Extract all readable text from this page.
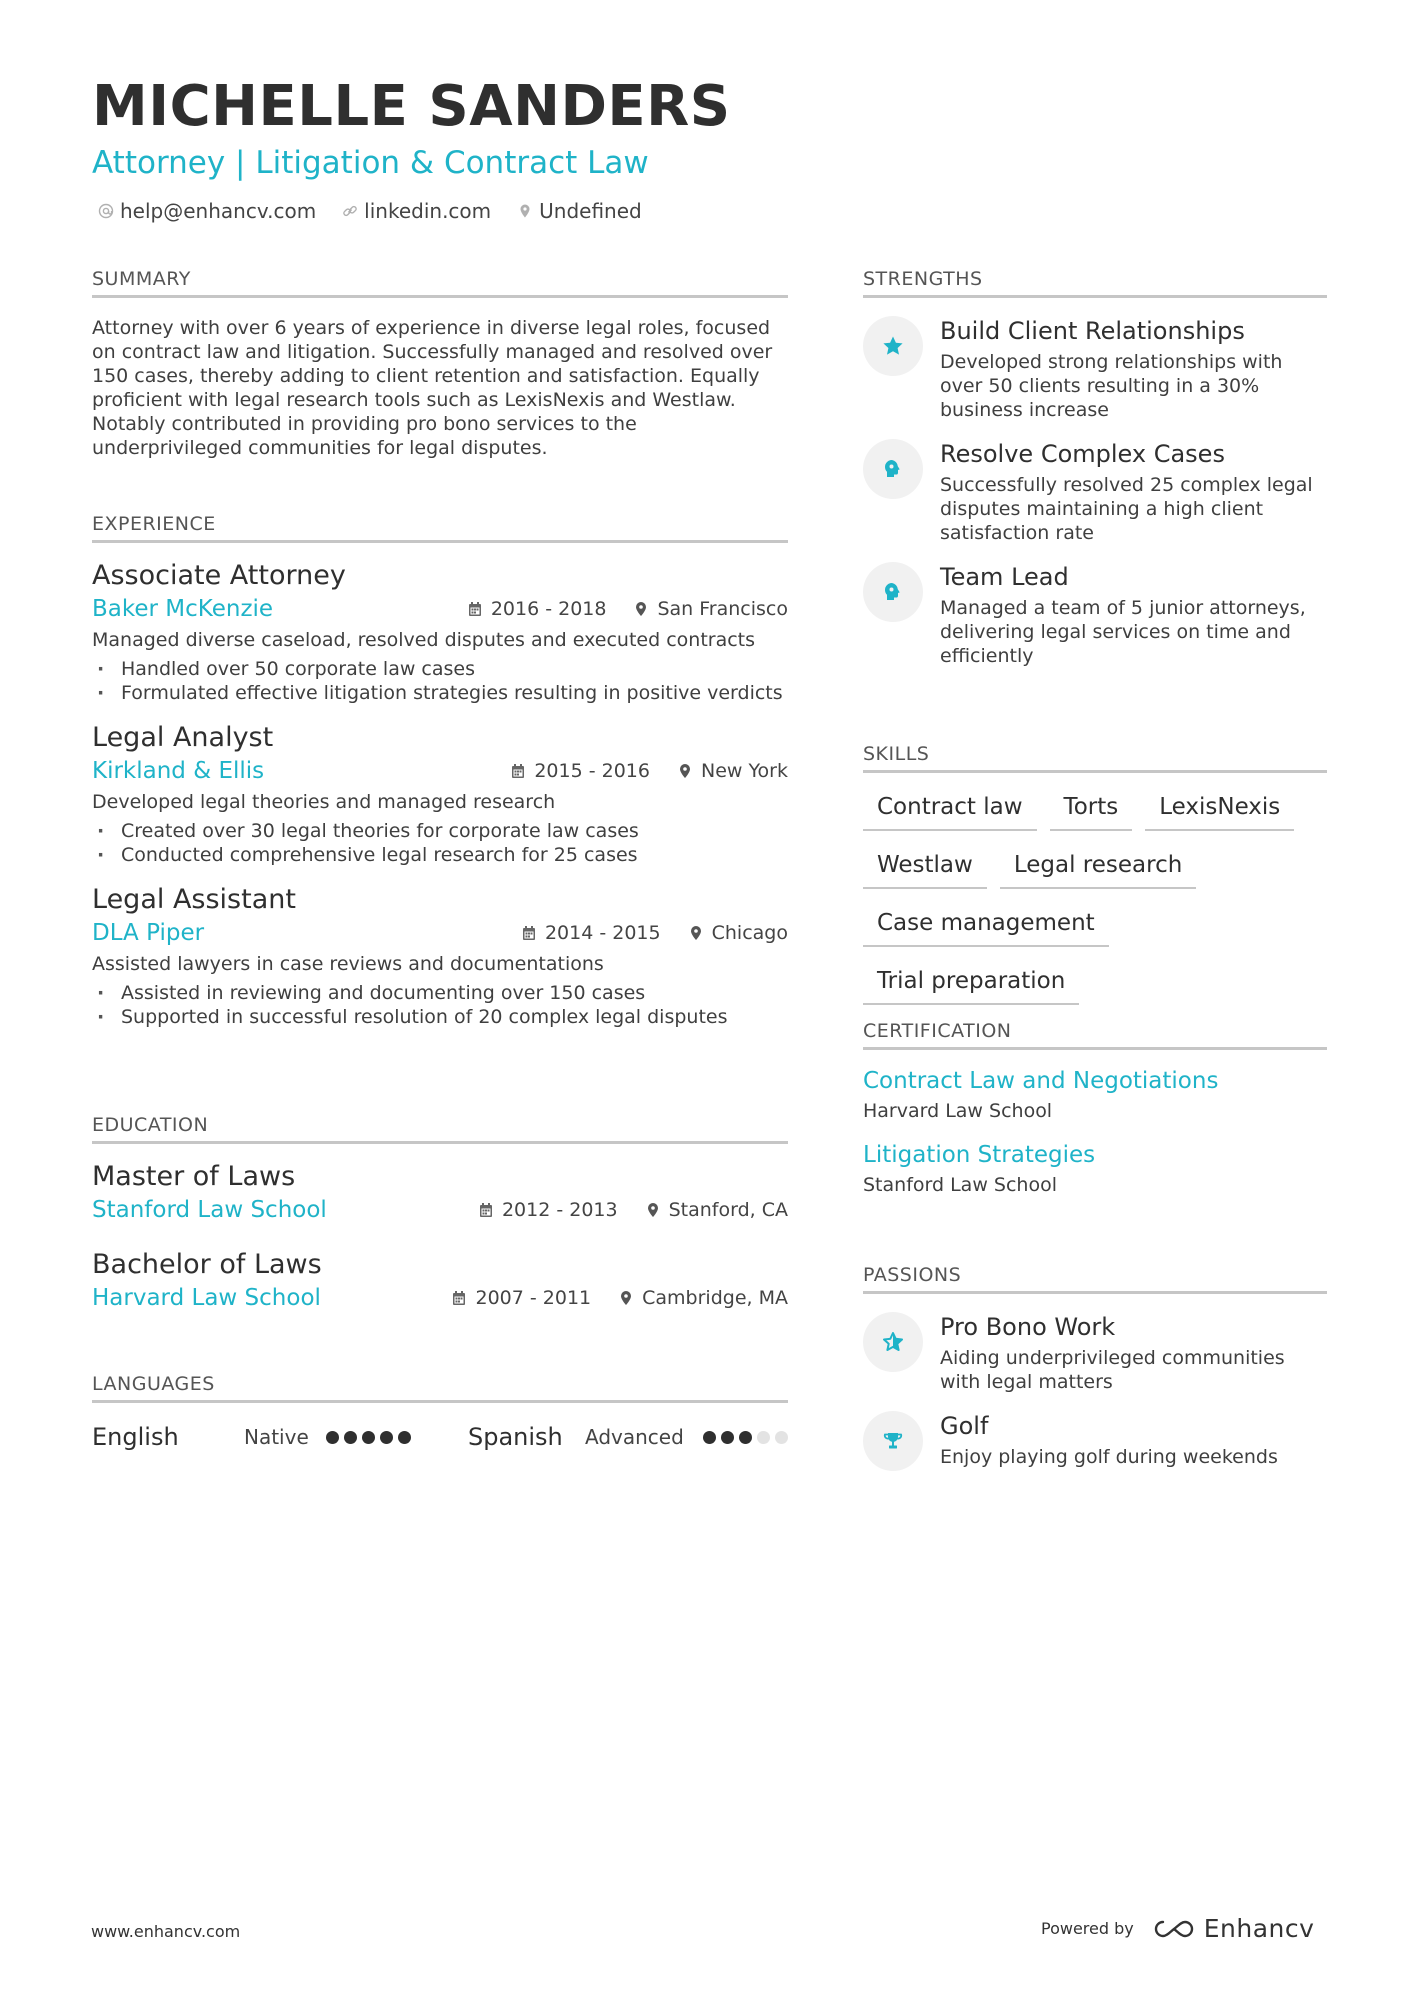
MICHELLE SANDERS
Attorney | Litigation & Contract Law
help@enhancv.com linkedin.com Undefined
SUMMARY
Attorney with over 6 years of experience in diverse legal roles, focused on contract law and litigation. Successfully managed and resolved over 150 cases, thereby adding to client retention and satisfaction. Equally proficient with legal research tools such as LexisNexis and Westlaw. Notably contributed in providing pro bono services to the underprivileged communities for legal disputes.
EXPERIENCE
Associate Attorney
Baker McKenzie	2016 - 2018	San Francisco
Managed diverse caseload, resolved disputes and executed contracts
· Handled over 50 corporate law cases
· Formulated effective litigation strategies resulting in positive verdicts
Legal Analyst
Kirkland & Ellis	2015 - 2016	New York
Developed legal theories and managed research
· Created over 30 legal theories for corporate law cases
· Conducted comprehensive legal research for 25 cases
Legal Assistant
DLA Piper	2014 - 2015	Chicago
Assisted lawyers in case reviews and documentations
· Assisted in reviewing and documenting over 150 cases
· Supported in successful resolution of 20 complex legal disputes
EDUCATION
Master of Laws
Stanford Law School	2012 - 2013	Stanford, CA
Bachelor of Laws
Harvard Law School	2007 - 2011	Cambridge, MA
LANGUAGES
English	Native	Spanish	Advanced
STRENGTHS
Build Client Relationships
Developed strong relationships with over 50 clients resulting in a 30% business increase
Resolve Complex Cases
Successfully resolved 25 complex legal disputes maintaining a high client satisfaction rate
Team Lead
Managed a team of 5 junior attorneys, delivering legal services on time and efficiently
SKILLS
Contract law	Torts	LexisNexis
Westlaw	Legal research
Case management
Trial preparation
CERTIFICATION
Contract Law and Negotiations
Harvard Law School
Litigation Strategies
Stanford Law School
PASSIONS
Pro Bono Work
Aiding underprivileged communities with legal matters
Golf
Enjoy playing golf during weekends
www.enhancv.com	Powered by	Enhancv
